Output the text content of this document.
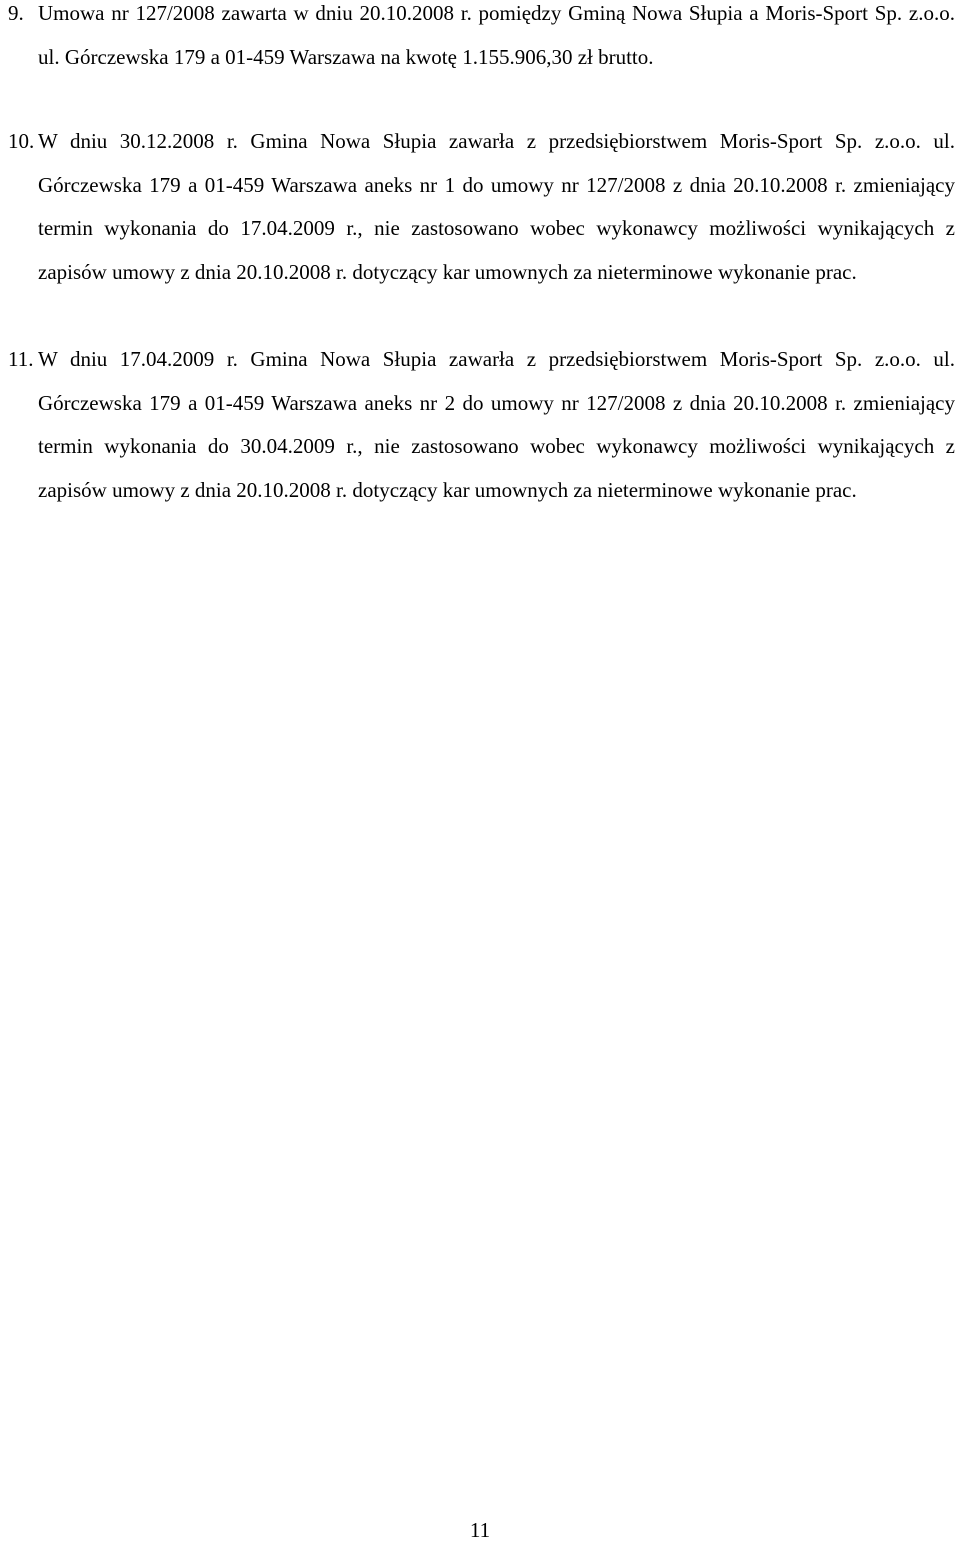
9. Umowa nr 127/2008 zawarta w dniu 20.10.2008 r. pomiędzy Gminą Nowa Słupia a Moris-Sport Sp. z.o.o. ul. Górczewska 179 a 01-459 Warszawa na kwotę 1.155.906,30 zł brutto.
10. W dniu 30.12.2008 r. Gmina Nowa Słupia zawarła z przedsiębiorstwem Moris-Sport Sp. z.o.o. ul. Górczewska 179 a 01-459 Warszawa aneks nr 1 do umowy nr 127/2008 z dnia 20.10.2008 r. zmieniający termin wykonania do 17.04.2009 r., nie zastosowano wobec wykonawcy możliwości wynikających z zapisów umowy z dnia 20.10.2008 r. dotyczący kar umownych za nieterminowe wykonanie prac.
11. W dniu 17.04.2009 r. Gmina Nowa Słupia zawarła z przedsiębiorstwem Moris-Sport Sp. z.o.o. ul. Górczewska 179 a 01-459 Warszawa aneks nr 2 do umowy nr 127/2008 z dnia 20.10.2008 r. zmieniający termin wykonania do 30.04.2009 r., nie zastosowano wobec wykonawcy możliwości wynikających z zapisów umowy z dnia 20.10.2008 r. dotyczący kar umownych za nieterminowe wykonanie prac.
11
